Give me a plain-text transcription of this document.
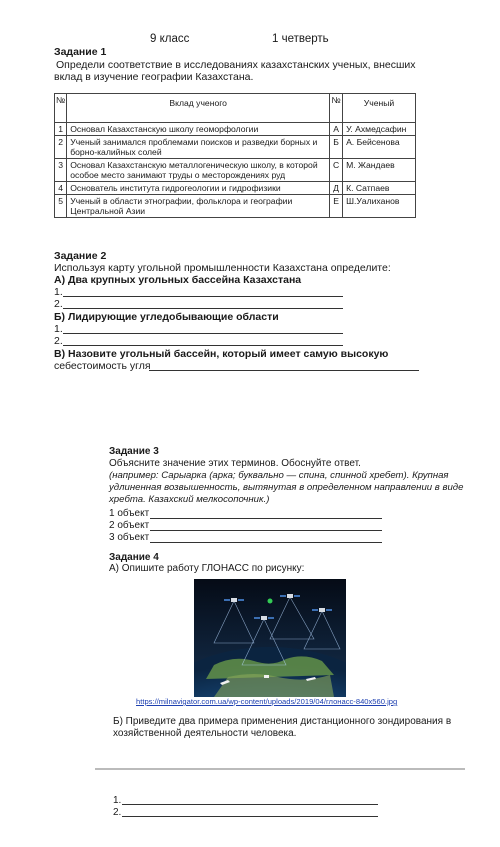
9 класс	1 четверть
Задание 1
Определи соответствие в исследованиях казахстанских ученых, внесших
вклад в изучение географии Казахстана.
№	Вклад ученого	№	Ученый
1	Основал Казахстанскую школу геоморфологии	А	У. Ахмедсафин
2	Ученый занимался проблемами поисков и разведки борных и борно-калийных солей	Б	А. Бейсенова
3	Основал Казахстанскую металлогеническую школу, в которой особое место занимают труды о месторождениях руд	С	М. Жандаев
4	Основатель института гидрогеологии и гидрофизики	Д	К. Сатпаев
5	Ученый в области этнографии, фольклора и географии Центральной Азии	Е	Ш.Уалиханов
Задание 2
Используя карту угольной промышленности Казахстана определите:
А) Два крупных угольных бассейна Казахстана
1.
2.
Б) Лидирующие угледобывающие области
1.
2.
В) Назовите угольный бассейн, который имеет самую высокую
себестоимость угля
Задание 3
Объясните значение этих терминов. Обоснуйте ответ.
(например: Сарыарка (арка; буквально — спина, спинной хребет). Крупная
удлиненная возвышенность, вытянутая в определенном направлении в виде
хребта. Казахский мелкосопочник.)
1 объект
2 объект
3 объект
Задание 4
А) Опишите работу ГЛОНАСС по рисунку:
https://milnavigator.com.ua/wp-content/uploads/2019/04/глонасс-840x560.jpg
Б) Приведите два примера применения дистанционного зондирования в
хозяйственной деятельности человека.
1.
2.
